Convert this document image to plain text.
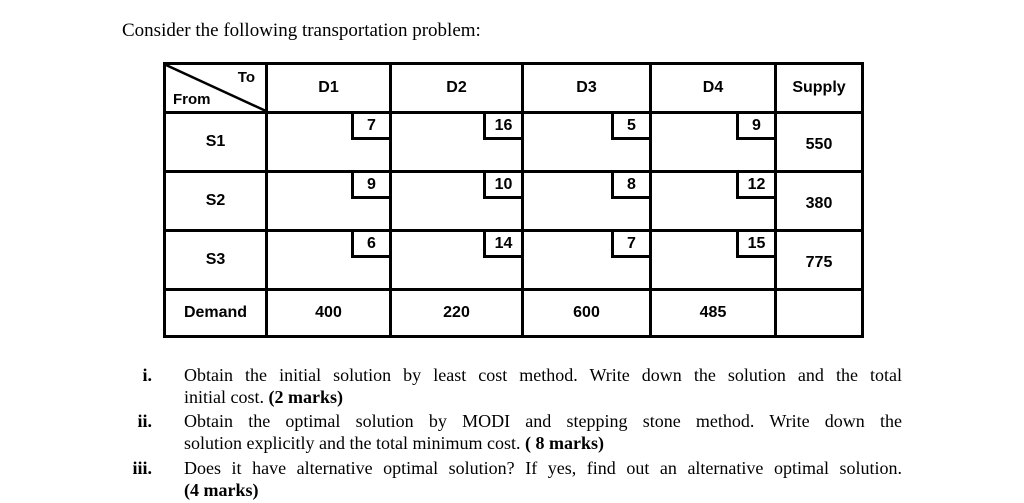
Consider the following transportation problem:
To
From	D1	D2	D3	D4	Supply
S1	7	16	5	9	550

S2	9	10	8	12	380

S3	6	14	7	15	775

Demand	400	220	600	485	
i. Obtain the initial solution by least cost method. Write down the solution and the total
initial cost. (2 marks)
ii. Obtain the optimal solution by MODI and stepping stone method. Write down the
solution explicitly and the total minimum cost. ( 8 marks)
iii. Does it have alternative optimal solution? If yes, find out an alternative optimal solution.
(4 marks)
